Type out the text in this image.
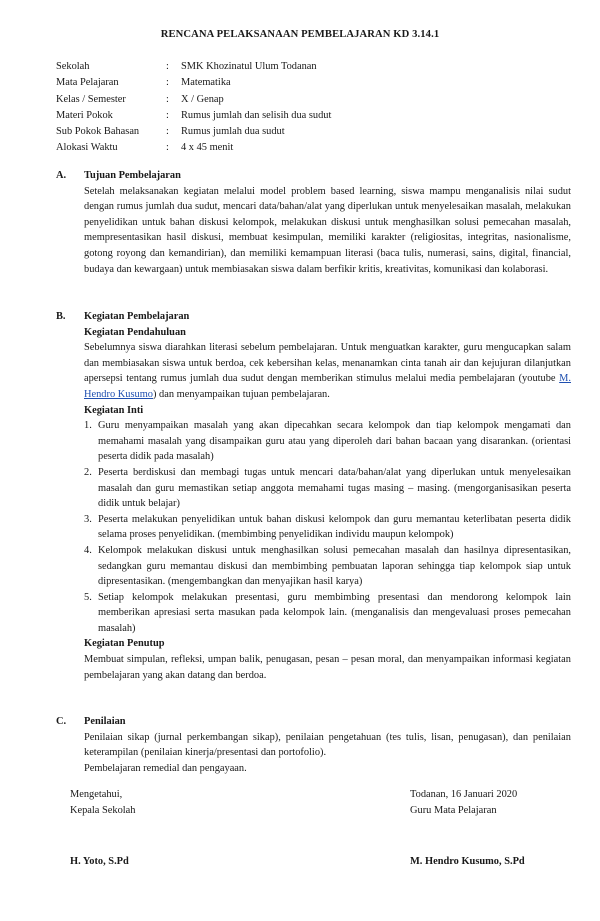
RENCANA PELAKSANAAN PEMBELAJARAN KD 3.14.1
Sekolah	:	SMK Khozinatul Ulum Todanan
Mata Pelajaran	:	Matematika
Kelas / Semester	:	X / Genap
Materi Pokok	:	Rumus jumlah dan selisih dua sudut
Sub Pokok Bahasan	:	Rumus jumlah dua sudut
Alokasi Waktu	:	4 x 45 menit
A.	Tujuan Pembelajaran
Setelah melaksanakan kegiatan melalui model problem based learning, siswa mampu menganalisis nilai sudut dengan rumus jumlah dua sudut, mencari data/bahan/alat yang diperlukan untuk menyelesaikan masalah, melakukan penyelidikan untuk bahan diskusi kelompok, melakukan diskusi untuk menghasilkan solusi pemecahan masalah, mempresentasikan hasil diskusi, membuat kesimpulan, memiliki karakter (religiositas, integritas, nasionalisme, gotong royong dan kemandirian), dan memiliki kemampuan literasi (baca tulis, numerasi, sains, digital, financial, budaya dan kewargaan) untuk membiasakan siswa dalam berfikir kritis, kreativitas, komunikasi dan kolaborasi.
B.	Kegiatan Pembelajaran
Kegiatan Pendahuluan
Sebelumnya siswa diarahkan literasi sebelum pembelajaran. Untuk menguatkan karakter, guru mengucapkan salam dan membiasakan siswa untuk berdoa, cek kebersihan kelas, menanamkan cinta tanah air dan kejujuran dilanjutkan apersepsi tentang rumus jumlah dua sudut dengan memberikan stimulus melalui media pembelajaran (youtube M. Hendro Kusumo) dan menyampaikan tujuan pembelajaran.
Kegiatan Inti
1. Guru menyampaikan masalah yang akan dipecahkan secara kelompok dan tiap kelompok mengamati dan memahami masalah yang disampaikan guru atau yang diperoleh dari bahan bacaan yang disarankan. (orientasi peserta didik pada masalah)
2. Peserta berdiskusi dan membagi tugas untuk mencari data/bahan/alat yang diperlukan untuk menyelesaikan masalah dan guru memastikan setiap anggota memahami tugas masing – masing. (mengorganisasikan peserta didik untuk belajar)
3. Peserta melakukan penyelidikan untuk bahan diskusi kelompok dan guru memantau keterlibatan peserta didik selama proses penyelidikan. (membimbing penyelidikan individu maupun kelompok)
4. Kelompok melakukan diskusi untuk menghasilkan solusi pemecahan masalah dan hasilnya dipresentasikan, sedangkan guru memantau diskusi dan membimbing pembuatan laporan sehingga tiap kelompok siap untuk dipresentasikan. (mengembangkan dan menyajikan hasil karya)
5. Setiap kelompok melakukan presentasi, guru membimbing presentasi dan mendorong kelompok lain memberikan apresiasi serta masukan pada kelompok lain. (menganalisis dan mengevaluasi proses pemecahan masalah)
Kegiatan Penutup
Membuat simpulan, refleksi, umpan balik, penugasan, pesan – pesan moral, dan menyampaikan informasi kegiatan pembelajaran yang akan datang dan berdoa.
C.	Penilaian
Penilaian sikap (jurnal perkembangan sikap), penilaian pengetahuan (tes tulis, lisan, penugasan), dan penilaian keterampilan (penilaian kinerja/presentasi dan portofolio).
Pembelajaran remedial dan pengayaan.
Mengetahui,
Kepala Sekolah
Todanan, 16 Januari 2020
Guru Mata Pelajaran
H. Yoto, S.Pd	M. Hendro Kusumo, S.Pd
